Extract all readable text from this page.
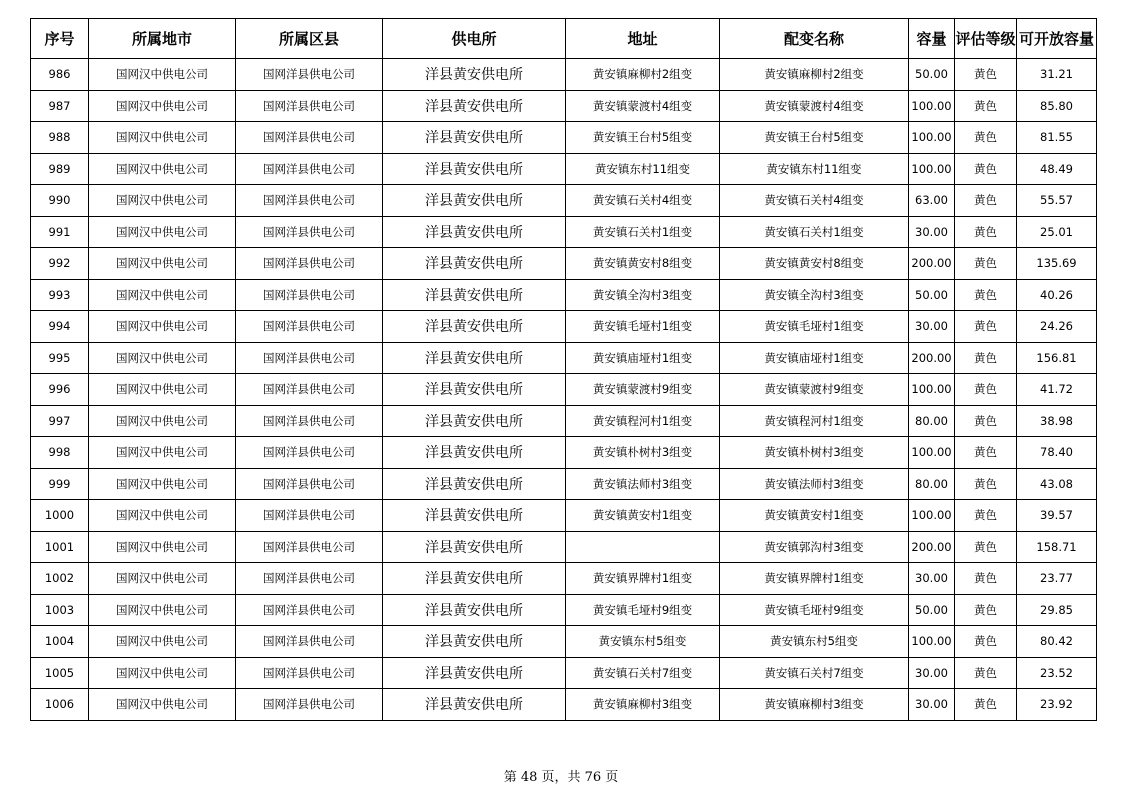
序号	所属地市	所属区县	供电所	地址	配变名称	容量	评估等级	可开放容量
986	国网汉中供电公司	国网洋县供电公司	洋县黄安供电所	黄安镇麻柳村2组变	黄安镇麻柳村2组变	50.00	黄色	31.21
987	国网汉中供电公司	国网洋县供电公司	洋县黄安供电所	黄安镇蒙渡村4组变	黄安镇蒙渡村4组变	100.00	黄色	85.80
988	国网汉中供电公司	国网洋县供电公司	洋县黄安供电所	黄安镇王台村5组变	黄安镇王台村5组变	100.00	黄色	81.55
989	国网汉中供电公司	国网洋县供电公司	洋县黄安供电所	黄安镇东村11组变	黄安镇东村11组变	100.00	黄色	48.49
990	国网汉中供电公司	国网洋县供电公司	洋县黄安供电所	黄安镇石关村4组变	黄安镇石关村4组变	63.00	黄色	55.57
991	国网汉中供电公司	国网洋县供电公司	洋县黄安供电所	黄安镇石关村1组变	黄安镇石关村1组变	30.00	黄色	25.01
992	国网汉中供电公司	国网洋县供电公司	洋县黄安供电所	黄安镇黄安村8组变	黄安镇黄安村8组变	200.00	黄色	135.69
993	国网汉中供电公司	国网洋县供电公司	洋县黄安供电所	黄安镇全沟村3组变	黄安镇全沟村3组变	50.00	黄色	40.26
994	国网汉中供电公司	国网洋县供电公司	洋县黄安供电所	黄安镇毛垭村1组变	黄安镇毛垭村1组变	30.00	黄色	24.26
995	国网汉中供电公司	国网洋县供电公司	洋县黄安供电所	黄安镇庙垭村1组变	黄安镇庙垭村1组变	200.00	黄色	156.81
996	国网汉中供电公司	国网洋县供电公司	洋县黄安供电所	黄安镇蒙渡村9组变	黄安镇蒙渡村9组变	100.00	黄色	41.72
997	国网汉中供电公司	国网洋县供电公司	洋县黄安供电所	黄安镇程河村1组变	黄安镇程河村1组变	80.00	黄色	38.98
998	国网汉中供电公司	国网洋县供电公司	洋县黄安供电所	黄安镇朴树村3组变	黄安镇朴树村3组变	100.00	黄色	78.40
999	国网汉中供电公司	国网洋县供电公司	洋县黄安供电所	黄安镇法师村3组变	黄安镇法师村3组变	80.00	黄色	43.08
1000	国网汉中供电公司	国网洋县供电公司	洋县黄安供电所	黄安镇黄安村1组变	黄安镇黄安村1组变	100.00	黄色	39.57
1001	国网汉中供电公司	国网洋县供电公司	洋县黄安供电所		黄安镇郭沟村3组变	200.00	黄色	158.71
1002	国网汉中供电公司	国网洋县供电公司	洋县黄安供电所	黄安镇界牌村1组变	黄安镇界牌村1组变	30.00	黄色	23.77
1003	国网汉中供电公司	国网洋县供电公司	洋县黄安供电所	黄安镇毛垭村9组变	黄安镇毛垭村9组变	50.00	黄色	29.85
1004	国网汉中供电公司	国网洋县供电公司	洋县黄安供电所	黄安镇东村5组变	黄安镇东村5组变	100.00	黄色	80.42
1005	国网汉中供电公司	国网洋县供电公司	洋县黄安供电所	黄安镇石关村7组变	黄安镇石关村7组变	30.00	黄色	23.52
1006	国网汉中供电公司	国网洋县供电公司	洋县黄安供电所	黄安镇麻柳村3组变	黄安镇麻柳村3组变	30.00	黄色	23.92
第 48 页，共 76 页
